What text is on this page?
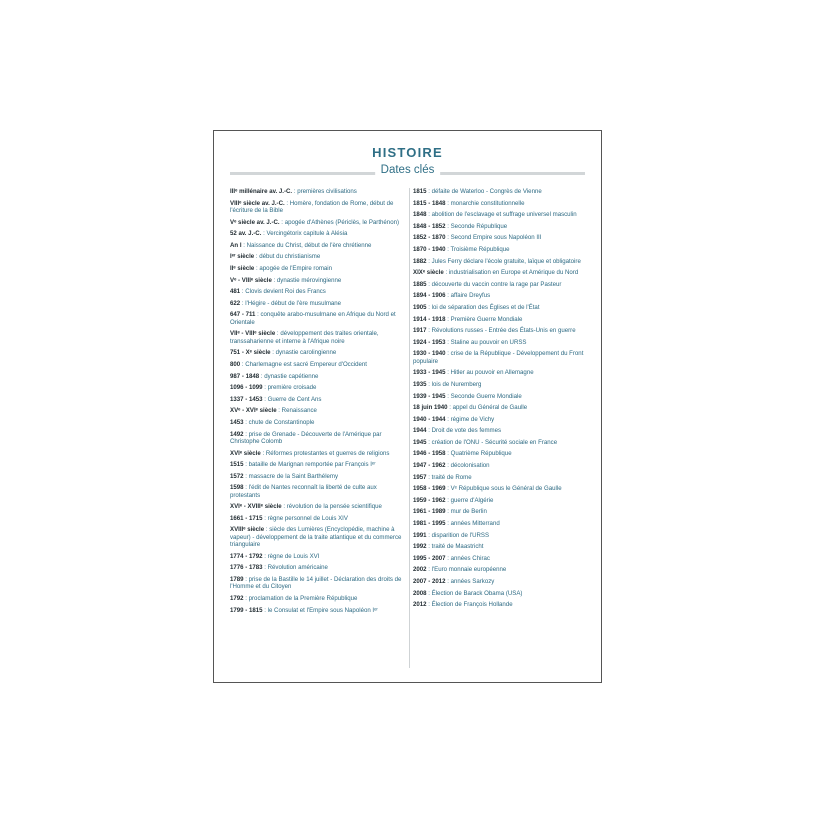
HISTOIRE
Dates clés

IIIᵉ millénaire av. J.-C. : premières civilisations

VIIIᵉ siècle av. J.-C. : Homère, fondation de Rome, début de l'écriture de la Bible

Vᵉ siècle av. J.-C. : apogée d'Athènes (Périclès, le Parthénon)

52 av. J.-C. : Vercingétorix capitule à Alésia

An I : Naissance du Christ, début de l'ère chrétienne

Iᵉʳ siècle : début du christianisme

IIᵉ siècle : apogée de l'Empire romain

Vᵉ - VIIIᵉ siècle : dynastie mérovingienne

481 : Clovis devient Roi des Francs

622 : l'Hégire - début de l'ère musulmane

647 - 711 : conquête arabo-musulmane en Afrique du Nord et Orientale

VIIᵉ - VIIIᵉ siècle : développement des traites orientale, transsaharienne et interne à l'Afrique noire

751 - Xᵉ siècle : dynastie carolingienne

800 : Charlemagne est sacré Empereur d'Occident

987 - 1848 : dynastie capétienne

1096 - 1099 : première croisade

1337 - 1453 : Guerre de Cent Ans

XVᵉ - XVIᵉ siècle : Renaissance

1453 : chute de Constantinople

1492 : prise de Grenade - Découverte de l'Amérique par Christophe Colomb

XVIᵉ siècle : Réformes protestantes et guerres de religions

1515 : bataille de Marignan remportée par François Iᵉʳ

1572 : massacre de la Saint Barthélemy

1598 : l'édit de Nantes reconnaît la liberté de culte aux protestants

XVIᵉ - XVIIIᵉ siècle : révolution de la pensée scientifique

1661 - 1715 : règne personnel de Louis XIV

XVIIIᵉ siècle : siècle des Lumières (Encyclopédie, machine à vapeur) - développement de la traite atlantique et du commerce triangulaire

1774 - 1792 : règne de Louis XVI

1776 - 1783 : Révolution américaine

1789 : prise de la Bastille le 14 juillet - Déclaration des droits de l'Homme et du Citoyen

1792 : proclamation de la Première République

1799 - 1815 : le Consulat et l'Empire sous Napoléon Iᵉʳ

1815 : défaite de Waterloo - Congrès de Vienne

1815 - 1848 : monarchie constitutionnelle

1848 : abolition de l'esclavage et suffrage universel masculin

1848 - 1852 : Seconde République

1852 - 1870 : Second Empire sous Napoléon III

1870 - 1940 : Troisième République

1882 : Jules Ferry déclare l'école gratuite, laïque et obligatoire

XIXᵉ siècle : industrialisation en Europe et Amérique du Nord

1885 : découverte du vaccin contre la rage par Pasteur

1894 - 1906 : affaire Dreyfus

1905 : loi de séparation des Églises et de l'État

1914 - 1918 : Première Guerre Mondiale

1917 : Révolutions russes - Entrée des États-Unis en guerre

1924 - 1953 : Staline au pouvoir en URSS

1930 - 1940 : crise de la République - Développement du Front populaire

1933 - 1945 : Hitler au pouvoir en Allemagne

1935 : lois de Nuremberg

1939 - 1945 : Seconde Guerre Mondiale

18 juin 1940 : appel du Général de Gaulle

1940 - 1944 : régime de Vichy

1944 : Droit de vote des femmes

1945 : création de l'ONU - Sécurité sociale en France

1946 - 1958 : Quatrième République

1947 - 1962 : décolonisation

1957 : traité de Rome

1958 - 1969 : Vᵉ République sous le Général de Gaulle

1959 - 1962 : guerre d'Algérie

1961 - 1989 : mur de Berlin

1981 - 1995 : années Mitterrand

1991 : disparition de l'URSS

1992 : traité de Maastricht

1995 - 2007 : années Chirac

2002 : l'Euro monnaie européenne

2007 - 2012 : années Sarkozy

2008 : Élection de Barack Obama (USA)

2012 : Élection de François Hollande
